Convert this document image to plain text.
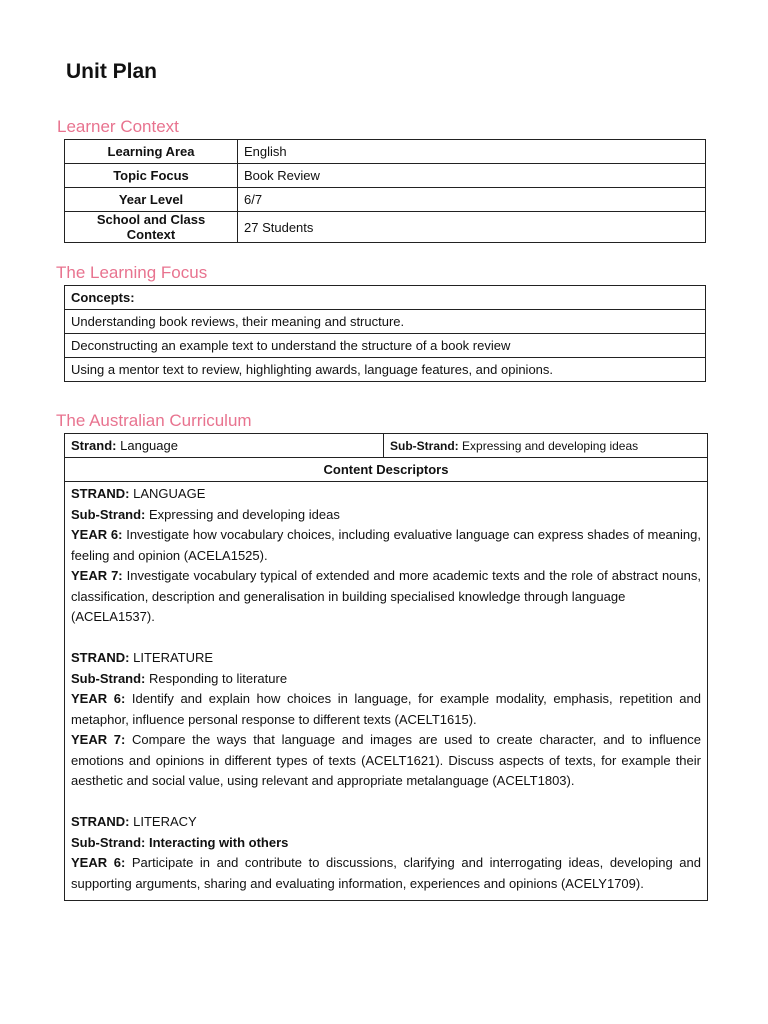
Unit Plan
Learner Context
Learning Area	English
Topic Focus	Book Review
Year Level	6/7
School and Class Context	27 Students
The Learning Focus
Concepts:
Understanding book reviews, their meaning and structure.
Deconstructing an example text to understand the structure of a book review
Using a mentor text to review, highlighting awards, language features, and opinions.
The Australian Curriculum
Strand: Language	Sub-Strand: Expressing and developing ideas
Content Descriptors

STRAND: LANGUAGE

Sub-Strand: Expressing and developing ideas

YEAR 6: Investigate how vocabulary choices, including evaluative language can express shades of meaning, feeling and opinion (ACELA1525).

YEAR 7: Investigate vocabulary typical of extended and more academic texts and the role of abstract nouns, classification, description and generalisation in building specialised knowledge through language

(ACELA1537).

STRAND: LITERATURE

Sub-Strand: Responding to literature

YEAR 6: Identify and explain how choices in language, for example modality, emphasis, repetition and metaphor, influence personal response to different texts (ACELT1615).

YEAR 7: Compare the ways that language and images are used to create character, and to influence emotions and opinions in different types of texts (ACELT1621). Discuss aspects of texts, for example their aesthetic and social value, using relevant and appropriate metalanguage (ACELT1803).

STRAND: LITERACY

Sub-Strand: Interacting with others

YEAR 6: Participate in and contribute to discussions, clarifying and interrogating ideas, developing and supporting arguments, sharing and evaluating information, experiences and opinions (ACELY1709).
